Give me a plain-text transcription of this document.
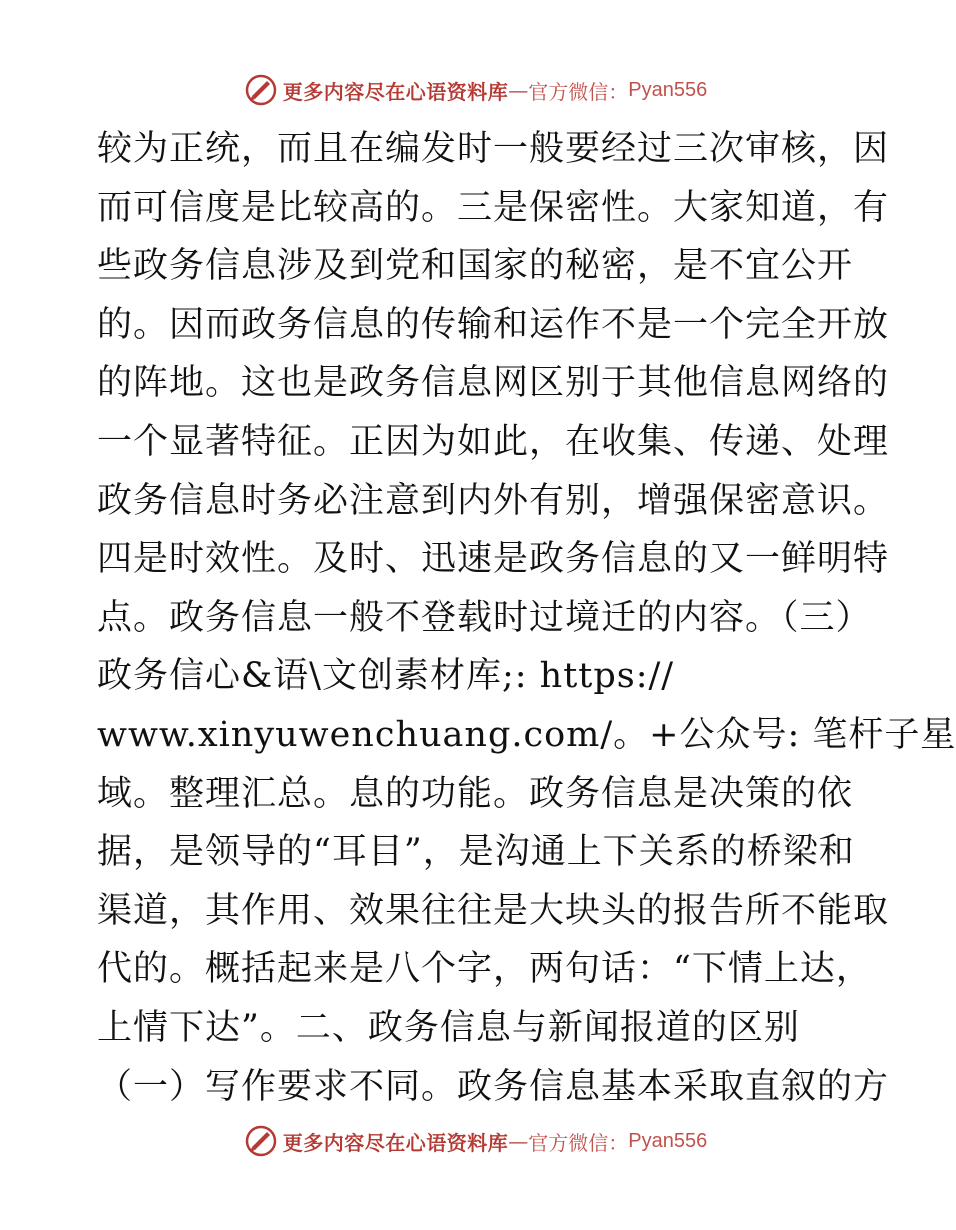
更多内容尽在心语资料库 — 官方微信： Pyan556
较为正统，而且在编发时一般要经过三次审核，因
而可信度是比较高的。三是保密性。大家知道，有
些政务信息涉及到党和国家的秘密，是不宜公开
的。因而政务信息的传输和运作不是一个完全开放
的阵地。这也是政务信息网区别于其他信息网络的
一个显著特征。正因为如此，在收集、传递、处理
政务信息时务必注意到内外有别，增强保密意识。
四是时效性。及时、迅速是政务信息的又一鲜明特
点。政务信息一般不登载时过境迁的内容。（三）
政务信心&语\文创素材库;: https://
www.xinyuwenchuang.com/。+公众号: 笔杆子星
域。整理汇总。息的功能。政务信息是决策的依
据，是领导的“耳目”，是沟通上下关系的桥梁和
渠道，其作用、效果往往是大块头的报告所不能取
代的。概括起来是八个字，两句话：“下情上达，
上情下达”。二、政务信息与新闻报道的区别
（一）写作要求不同。政务信息基本采取直叙的方
更多内容尽在心语资料库 — 官方微信： Pyan556
